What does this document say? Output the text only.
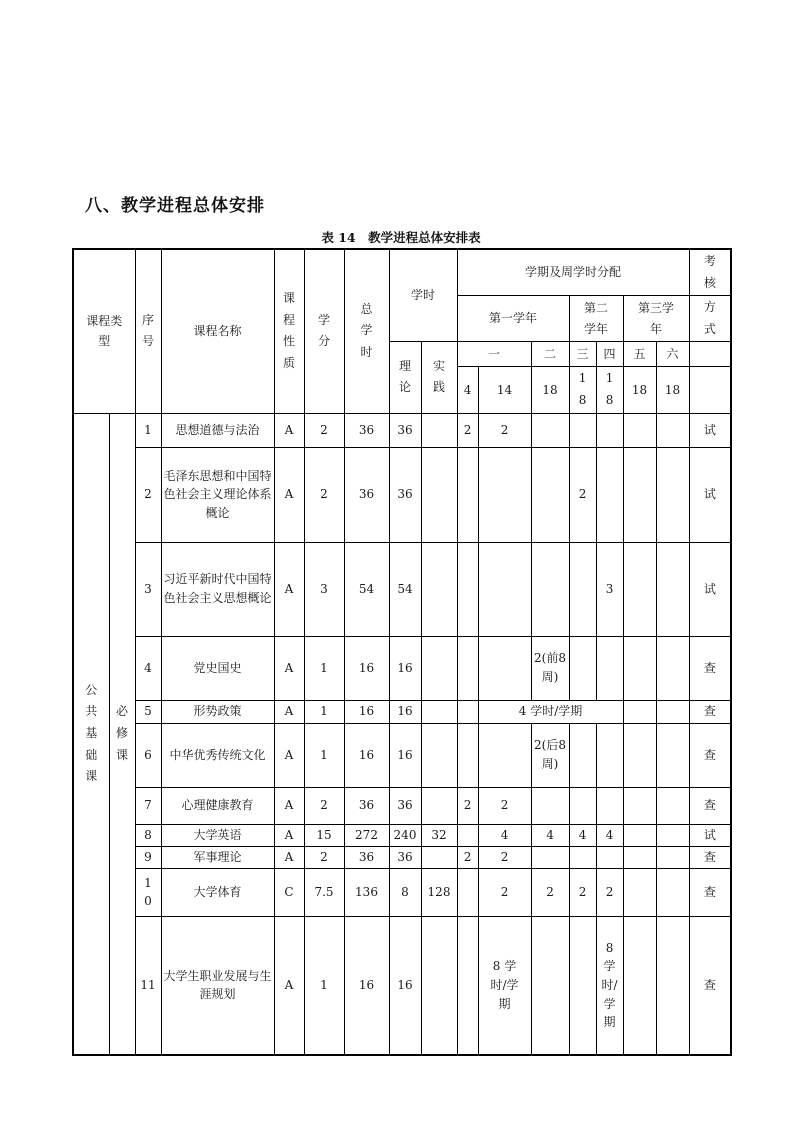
八、教学进程总体安排
表 14　教学进程总体安排表
课程类型		序号	课程名称	课程性质	学分	总学时	学时		学期及周学时分配							考核

									第一学年			第二学年		第三学年		方式

							理论	实践	一		二	三	四	五	六	
									4	14	18	18	18	18	18	

公共基础课	必修课	1	思想道德与法治	A	2	36	36		2	2						试
		2	毛泽东思想和中国特色社会主义理论体系概论	A	2	36	36					2				试
		3	习近平新时代中国特色社会主义思想概论	A	3	54	54						3			试
		4	党史国史	A	1	16	16				2(前8周)					查
		5	形势政策	A	1	16	16			4 学时/学期						查
		6	中华优秀传统文化	A	1	16	16				2(后8周)					查
		7	心理健康教育	A	2	36	36		2	2						查
		8	大学英语	A	15	272	240	32		4	4	4	4			试
		9	军事理论	A	2	36	36		2	2						查

		10	大学体育	C	7.5	136	8	128		2	2	2	2			查
		11	大学生职业发展与生涯规划	A	1	16	16			8 学时/学期			8 学时/学期			查
